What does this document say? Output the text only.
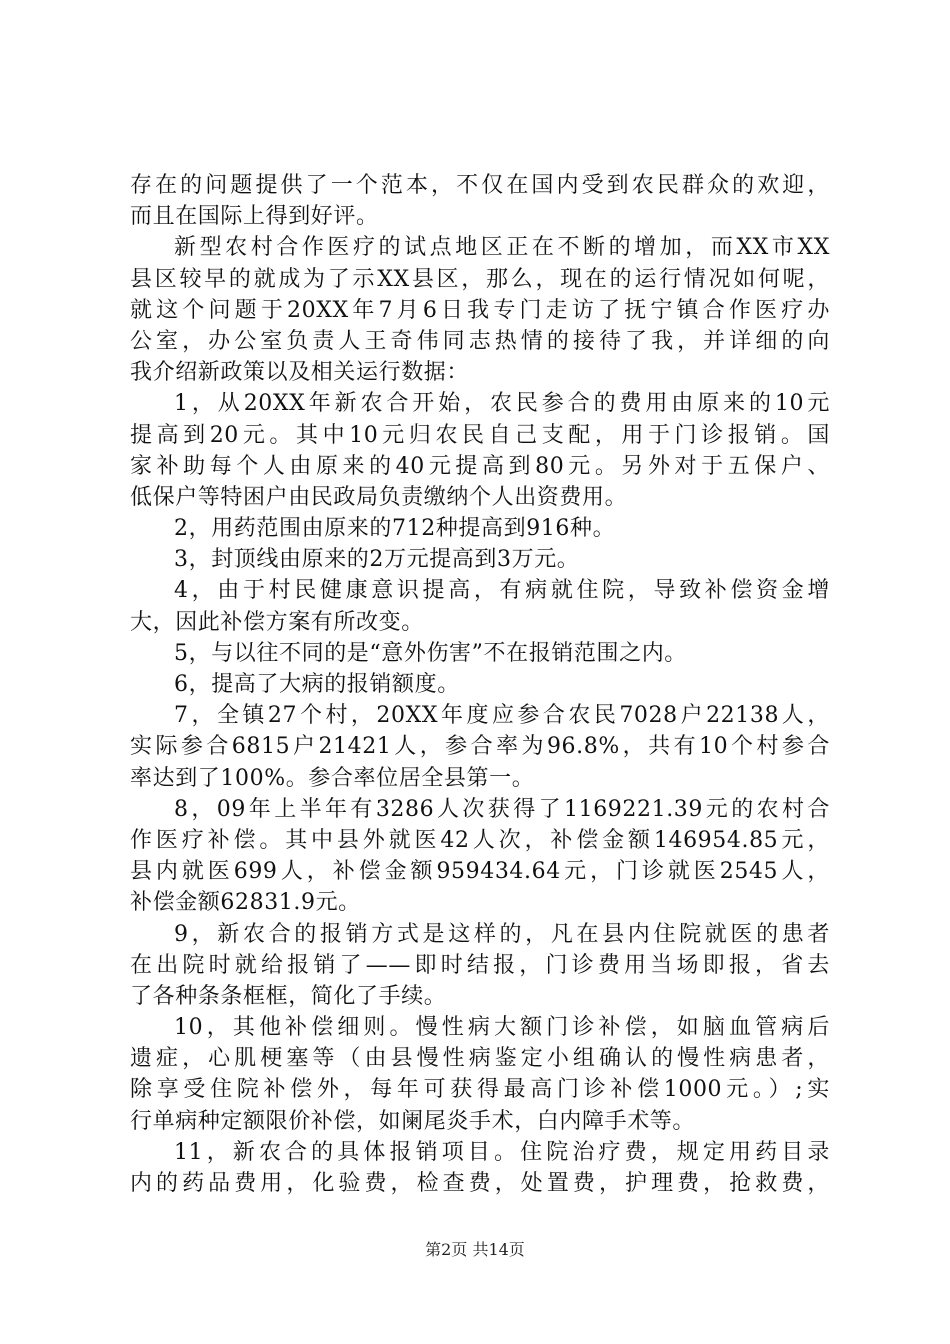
存在的问题提供了一个范本，不仅在国内受到农民群众的欢迎，
而且在国际上得到好评。
新型农村合作医疗的试点地区正在不断的增加，而XX市XX
县区较早的就成为了示XX县区，那么，现在的运行情况如何呢，
就这个问题于20XX年7月6日我专门走访了抚宁镇合作医疗办
公室，办公室负责人王奇伟同志热情的接待了我，并详细的向
我介绍新政策以及相关运行数据：
1，从20XX年新农合开始，农民参合的费用由原来的10元
提高到20元。其中10元归农民自己支配，用于门诊报销。国
家补助每个人由原来的40元提高到80元。另外对于五保户、
低保户等特困户由民政局负责缴纳个人出资费用。
2，用药范围由原来的712种提高到916种。
3，封顶线由原来的2万元提高到3万元。
4，由于村民健康意识提高，有病就住院，导致补偿资金增
大，因此补偿方案有所改变。
5，与以往不同的是“意外伤害”不在报销范围之内。
6，提高了大病的报销额度。
7，全镇27个村，20XX年度应参合农民7028户22138人，
实际参合6815户21421人，参合率为96.8%，共有10个村参合
率达到了100%。参合率位居全县第一。
8，09年上半年有3286人次获得了1169221.39元的农村合
作医疗补偿。其中县外就医42人次，补偿金额146954.85元，
县内就医699人，补偿金额959434.64元，门诊就医2545人，
补偿金额62831.9元。
9，新农合的报销方式是这样的，凡在县内住院就医的患者
在出院时就给报销了——即时结报，门诊费用当场即报，省去
了各种条条框框，简化了手续。
10，其他补偿细则。慢性病大额门诊补偿，如脑血管病后
遗症，心肌梗塞等（由县慢性病鉴定小组确认的慢性病患者，
除享受住院补偿外，每年可获得最高门诊补偿1000元。）;实
行单病种定额限价补偿，如阑尾炎手术，白内障手术等。
11，新农合的具体报销项目。住院治疗费，规定用药目录
内的药品费用，化验费，检查费，处置费，护理费，抢救费，
第2页 共14页
